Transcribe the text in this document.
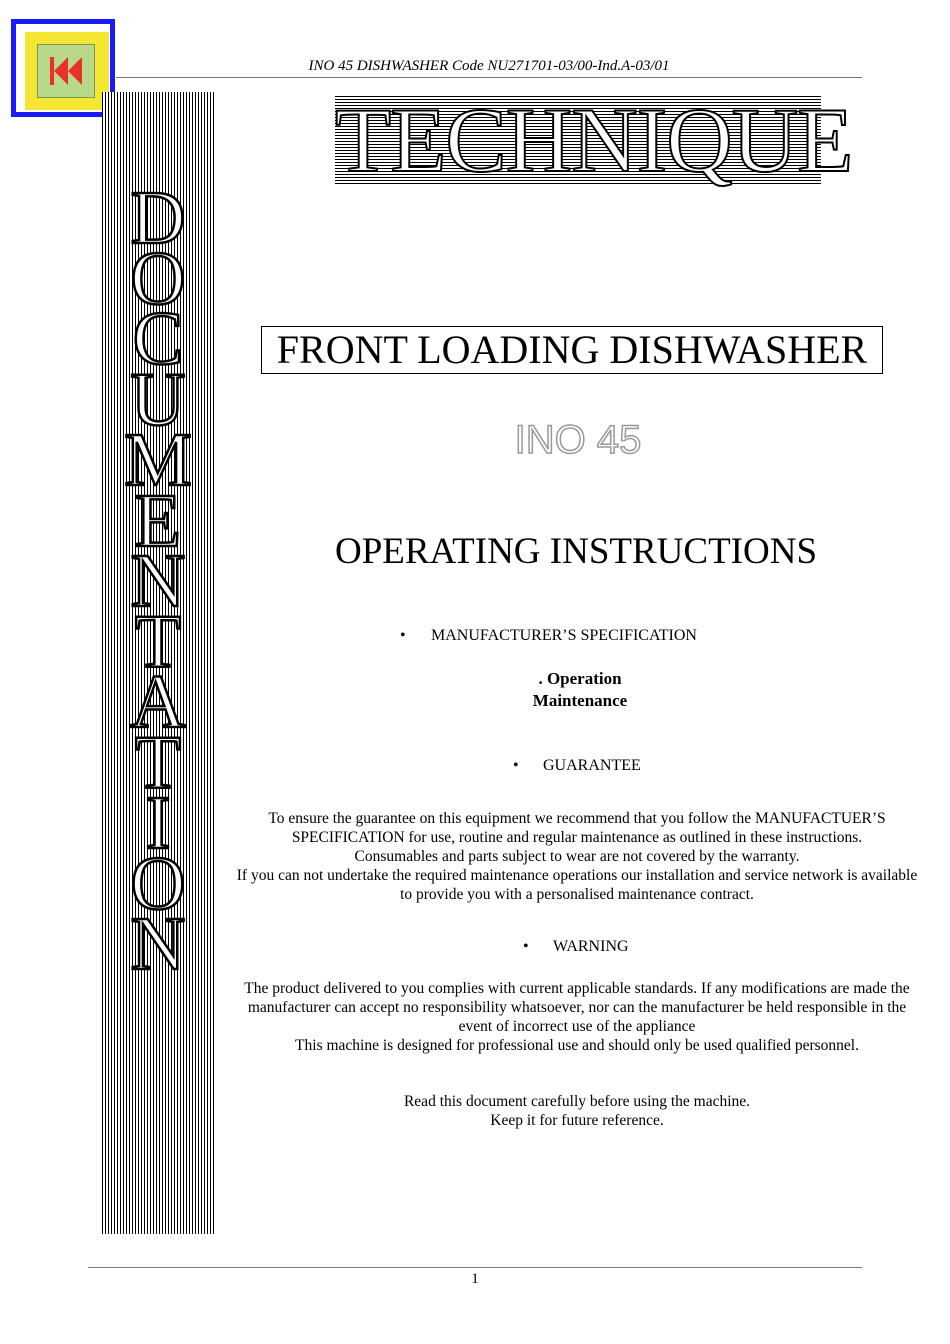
INO 45 DISHWASHER Code NU271701-03/00-Ind.A-03/01
D
O
C
U
M
E
N
T
A
T
I
O
N
TECHNIQUE
FRONT LOADING DISHWASHER
INO 45
OPERATING INSTRUCTIONS
•	MANUFACTURER’S SPECIFICATION
. Operation
Maintenance
•	GUARANTEE
To ensure the guarantee on this equipment we recommend that you follow the MANUFACTUER’S
SPECIFICATION for use, routine and regular maintenance as outlined in these instructions.
Consumables and parts subject to wear are not covered by the warranty.
If you can not undertake the required maintenance operations our installation and service network is available
to provide you with a personalised maintenance contract.
•	WARNING
The product delivered to you complies with current applicable standards. If any modifications are made the
manufacturer can accept no responsibility whatsoever, nor can the manufacturer be held responsible in the
event of incorrect use of the appliance
This machine is designed for professional use and should only be used qualified personnel.
Read this document carefully before using the machine.
Keep it for future reference.
1
